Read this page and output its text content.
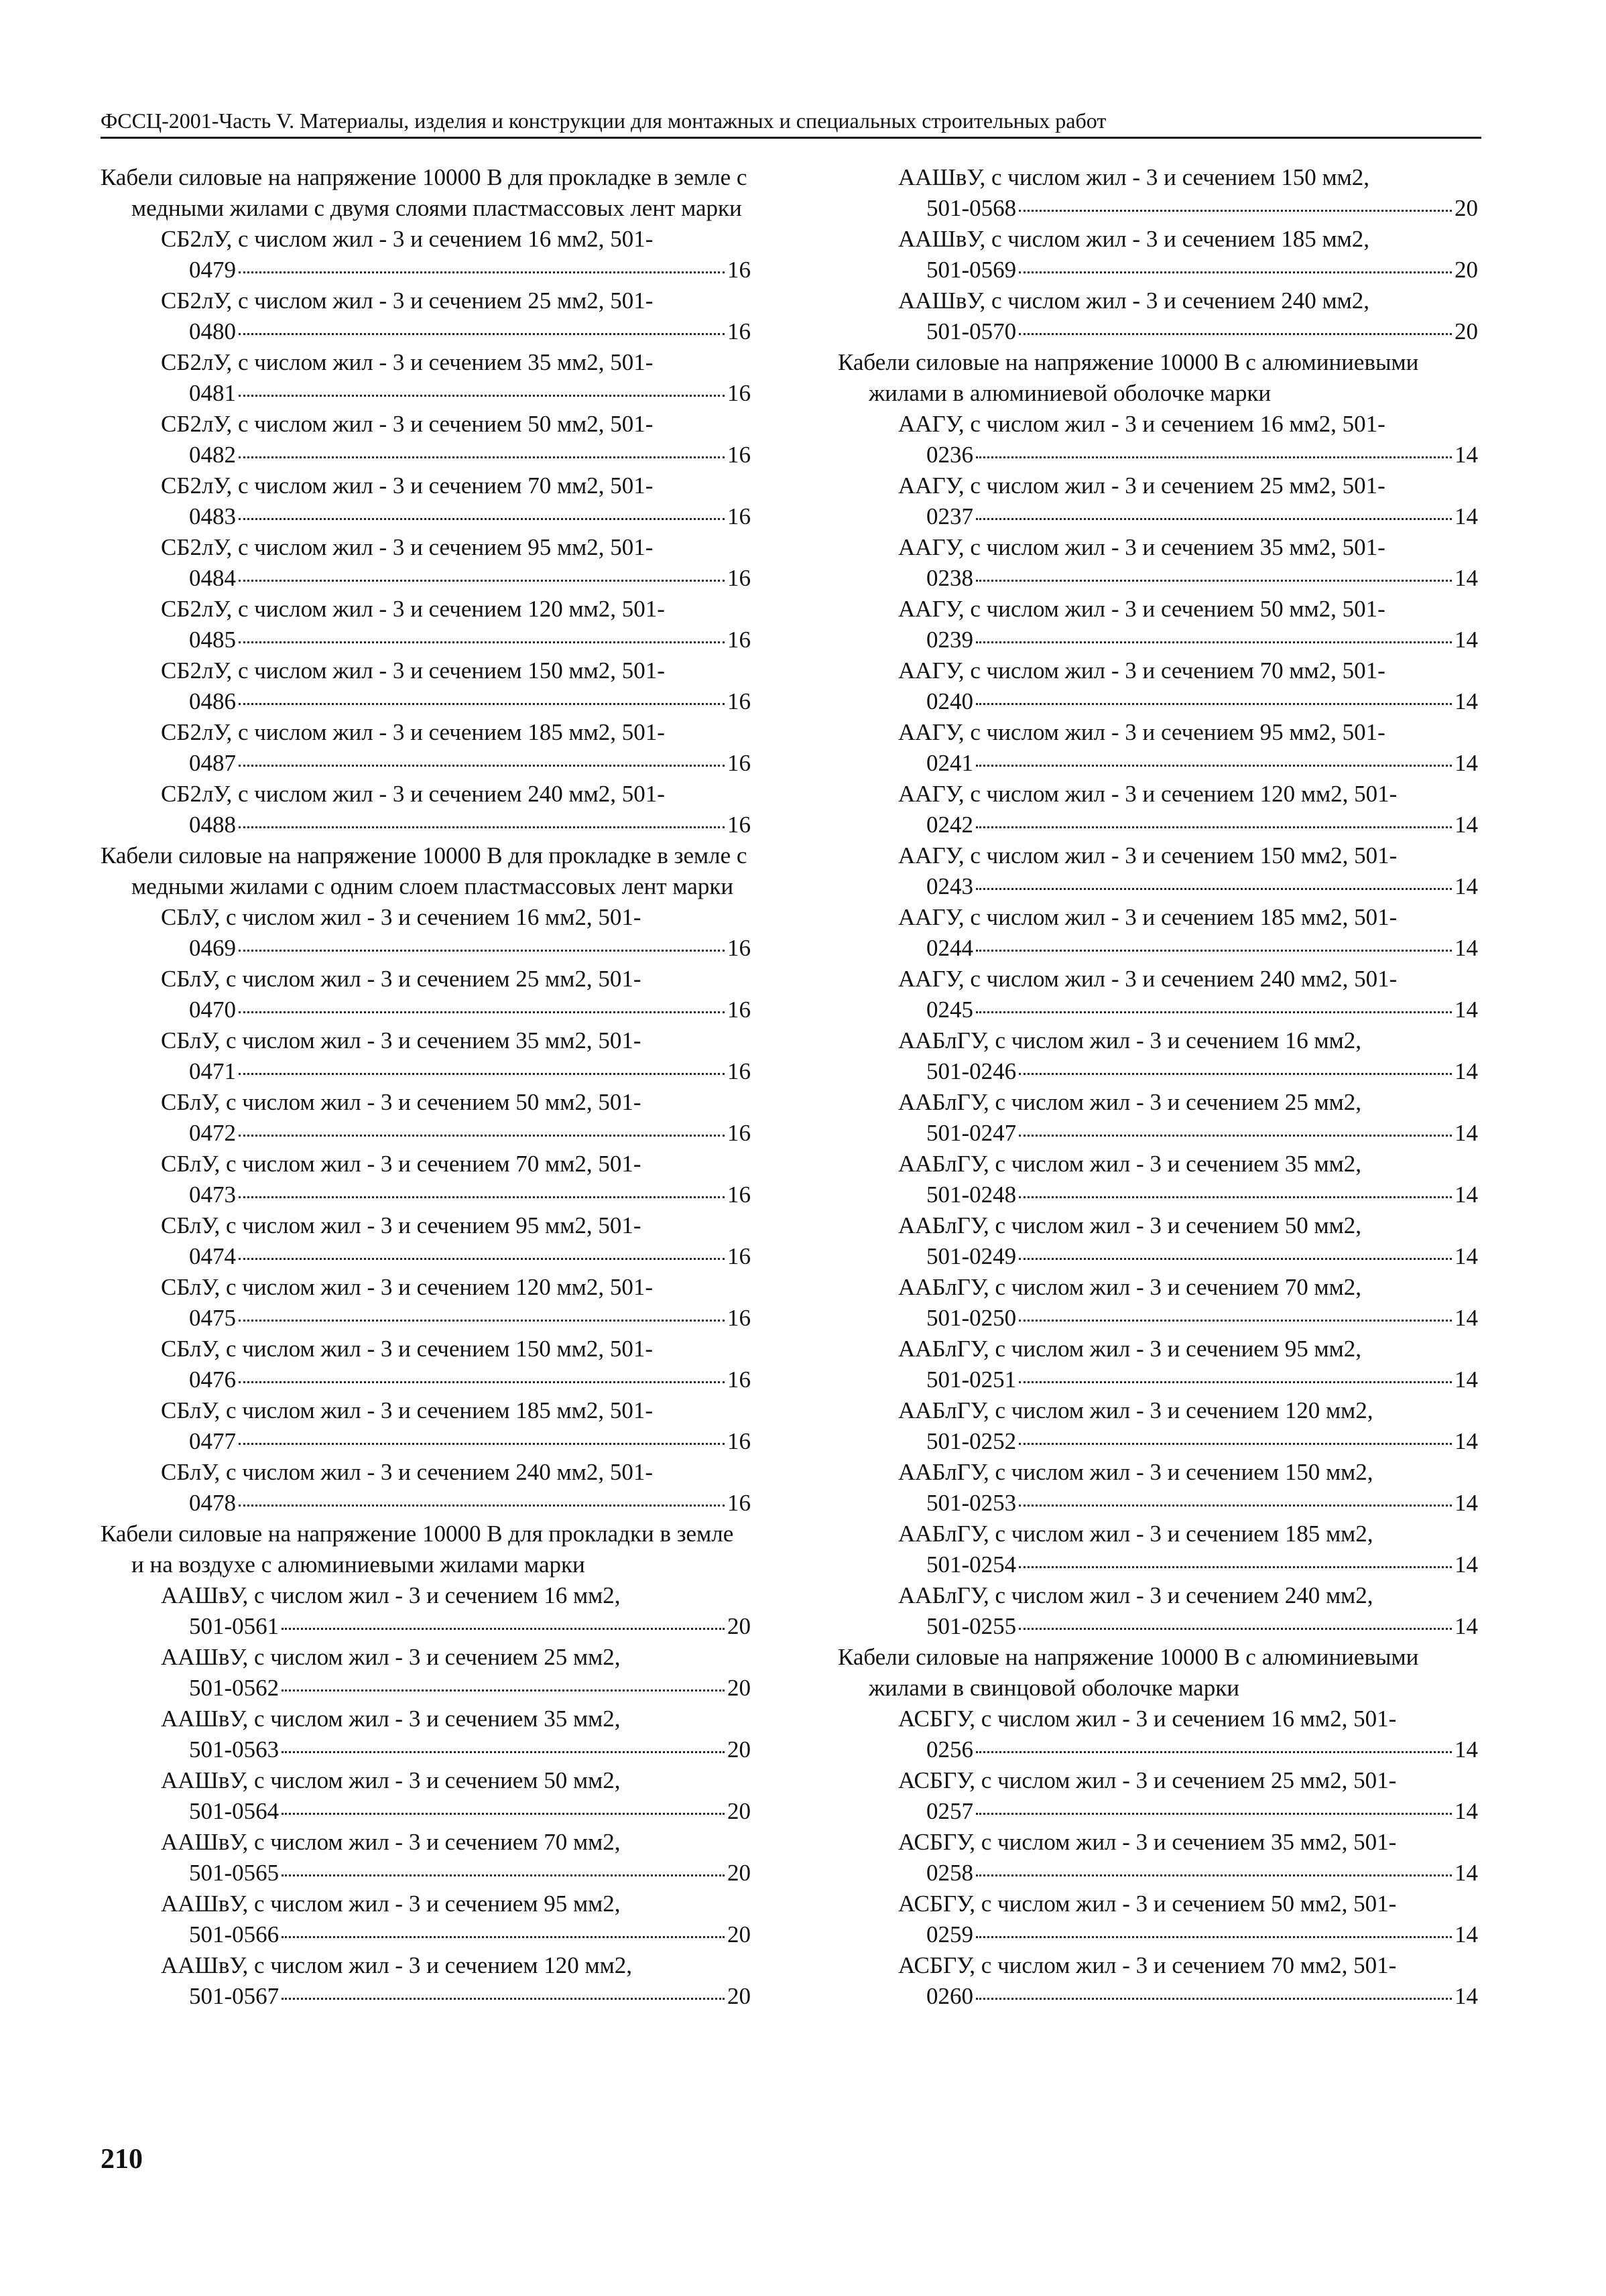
ФССЦ-2001-Часть V. Материалы, изделия и конструкции для монтажных и специальных строительных работ
Кабели силовые на напряжение 10000 В для прокладке в земле с медными жилами с двумя слоями пластмассовых лент марки
СБ2лУ, с числом жил - 3 и сечением 16 мм2, 501-
0479	16
СБ2лУ, с числом жил - 3 и сечением 25 мм2, 501-
0480	16
СБ2лУ, с числом жил - 3 и сечением 35 мм2, 501-
0481	16
СБ2лУ, с числом жил - 3 и сечением 50 мм2, 501-
0482	16
СБ2лУ, с числом жил - 3 и сечением 70 мм2, 501-
0483	16
СБ2лУ, с числом жил - 3 и сечением 95 мм2, 501-
0484	16
СБ2лУ, с числом жил - 3 и сечением 120 мм2, 501-
0485	16
СБ2лУ, с числом жил - 3 и сечением 150 мм2, 501-
0486	16
СБ2лУ, с числом жил - 3 и сечением 185 мм2, 501-
0487	16
СБ2лУ, с числом жил - 3 и сечением 240 мм2, 501-
0488	16
Кабели силовые на напряжение 10000 В для прокладке в земле с медными жилами с одним слоем пластмассовых лент марки
СБлУ, с числом жил - 3 и сечением 16 мм2, 501-
0469	16
СБлУ, с числом жил - 3 и сечением 25 мм2, 501-
0470	16
СБлУ, с числом жил - 3 и сечением 35 мм2, 501-
0471	16
СБлУ, с числом жил - 3 и сечением 50 мм2, 501-
0472	16
СБлУ, с числом жил - 3 и сечением 70 мм2, 501-
0473	16
СБлУ, с числом жил - 3 и сечением 95 мм2, 501-
0474	16
СБлУ, с числом жил - 3 и сечением 120 мм2, 501-
0475	16
СБлУ, с числом жил - 3 и сечением 150 мм2, 501-
0476	16
СБлУ, с числом жил - 3 и сечением 185 мм2, 501-
0477	16
СБлУ, с числом жил - 3 и сечением 240 мм2, 501-
0478	16
Кабели силовые на напряжение 10000 В для прокладки в земле и на воздухе с алюминиевыми жилами марки
ААШвУ, с числом жил - 3 и сечением 16 мм2,
501-0561	20
ААШвУ, с числом жил - 3 и сечением 25 мм2,
501-0562	20
ААШвУ, с числом жил - 3 и сечением 35 мм2,
501-0563	20
ААШвУ, с числом жил - 3 и сечением 50 мм2,
501-0564	20
ААШвУ, с числом жил - 3 и сечением 70 мм2,
501-0565	20
ААШвУ, с числом жил - 3 и сечением 95 мм2,
501-0566	20
ААШвУ, с числом жил - 3 и сечением 120 мм2,
501-0567	20
ААШвУ, с числом жил - 3 и сечением 150 мм2,
501-0568	20
ААШвУ, с числом жил - 3 и сечением 185 мм2,
501-0569	20
ААШвУ, с числом жил - 3 и сечением 240 мм2,
501-0570	20
Кабели силовые на напряжение 10000 В с алюминиевыми жилами в алюминиевой оболочке марки
ААГУ, с числом жил - 3 и сечением 16 мм2, 501-
0236	14
ААГУ, с числом жил - 3 и сечением 25 мм2, 501-
0237	14
ААГУ, с числом жил - 3 и сечением 35 мм2, 501-
0238	14
ААГУ, с числом жил - 3 и сечением 50 мм2, 501-
0239	14
ААГУ, с числом жил - 3 и сечением 70 мм2, 501-
0240	14
ААГУ, с числом жил - 3 и сечением 95 мм2, 501-
0241	14
ААГУ, с числом жил - 3 и сечением 120 мм2, 501-
0242	14
ААГУ, с числом жил - 3 и сечением 150 мм2, 501-
0243	14
ААГУ, с числом жил - 3 и сечением 185 мм2, 501-
0244	14
ААГУ, с числом жил - 3 и сечением 240 мм2, 501-
0245	14
ААБлГУ, с числом жил - 3 и сечением 16 мм2,
501-0246	14
ААБлГУ, с числом жил - 3 и сечением 25 мм2,
501-0247	14
ААБлГУ, с числом жил - 3 и сечением 35 мм2,
501-0248	14
ААБлГУ, с числом жил - 3 и сечением 50 мм2,
501-0249	14
ААБлГУ, с числом жил - 3 и сечением 70 мм2,
501-0250	14
ААБлГУ, с числом жил - 3 и сечением 95 мм2,
501-0251	14
ААБлГУ, с числом жил - 3 и сечением 120 мм2,
501-0252	14
ААБлГУ, с числом жил - 3 и сечением 150 мм2,
501-0253	14
ААБлГУ, с числом жил - 3 и сечением 185 мм2,
501-0254	14
ААБлГУ, с числом жил - 3 и сечением 240 мм2,
501-0255	14
Кабели силовые на напряжение 10000 В с алюминиевыми жилами в свинцовой оболочке марки
АСБГУ, с числом жил - 3 и сечением 16 мм2, 501-
0256	14
АСБГУ, с числом жил - 3 и сечением 25 мм2, 501-
0257	14
АСБГУ, с числом жил - 3 и сечением 35 мм2, 501-
0258	14
АСБГУ, с числом жил - 3 и сечением 50 мм2, 501-
0259	14
АСБГУ, с числом жил - 3 и сечением 70 мм2, 501-
0260	14
210
